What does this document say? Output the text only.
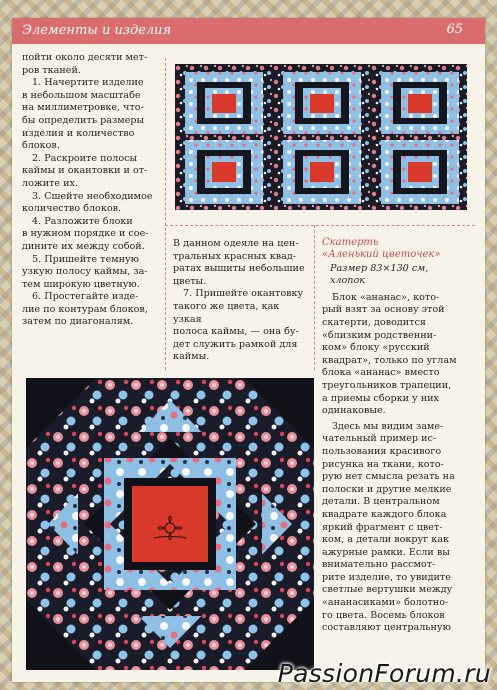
Элементы и изделия	65

пойти около десяти мет-

ров тканей.

1. Начертите изделие

в небольшом масштабе

на миллиметровке, что-

бы определить размеры

изделия и количество

блоков.

2. Раскроите полосы

каймы и окантовки и от-

ложите их.

3. Сшейте необходимое

количество блоков.

4. Разложите блоки

в нужном порядке и сое-

дините их между собой.

5. Пришейте темную

узкую полосу каймы, за-

тем широкую цветную.

6. Простегайте изде-

лие по контурам блоков,

затем по диагоналям.

В данном одеяле на цен-

тральных красных квад-

ратах вышиты небольшие

цветы.

7. Пришейте окантовку

такого же цвета, как узкая

полоса каймы, — она бу-

дет служить рамкой для

каймы.

Скатерть

«Аленький цветочек»

Размер 83×130 см,

хлопок

Блок «ананас», кото-

рый взят за основу этой

скатерти, доводится

«близким родственни-

ком» блоку «русский

квадрат», только по углам

блока «ананас» вместо

треугольников трапеции,

а приемы сборки у них

одинаковые.

Здесь мы видим заме-

чательный пример ис-

пользования красивого

рисунка на ткани, кото-

рую нет смысла резать на

полоски и другие мелкие

детали. В центральном

квадрате каждого блока

яркий фрагмент с цвет-

ком, а детали вокруг как

ажурные рамки. Если вы

внимательно рассмот-

рите изделие, то увидите

светлые вертушки между

«ананасиками» болотно-

го цвета. Восемь блоков

составляют центральную

PassionForum.ru
